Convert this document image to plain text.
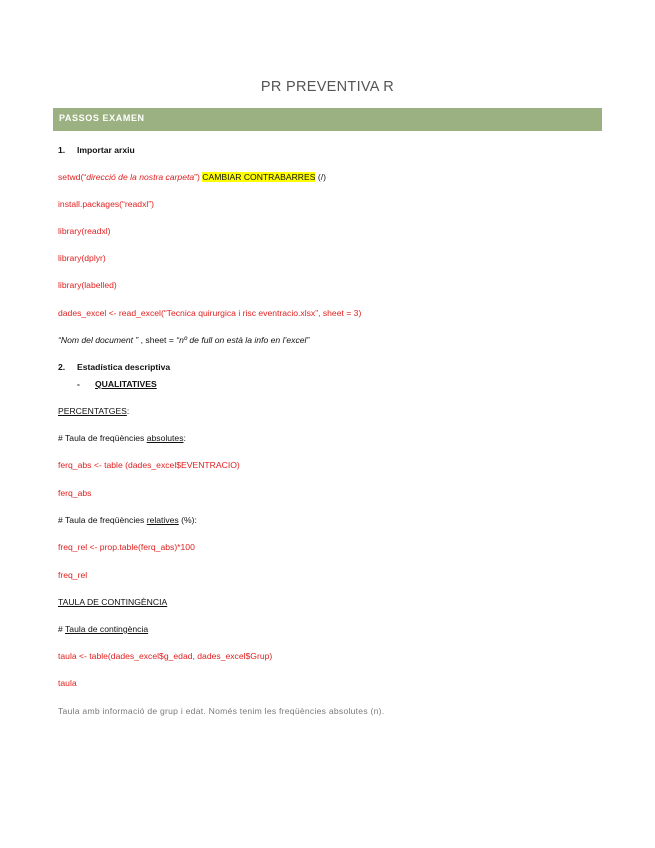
PR PREVENTIVA R
PASSOS EXAMEN
1. Importar arxiu
setwd(“direcció de la nostra carpeta”) CAMBIAR CONTRABARRES (/)
install.packages(“readxl”)
library(readxl)
library(dplyr)
library(labelled)
dades_excel <- read_excel(“Tecnica quirurgica i risc eventracio.xlsx”, sheet = 3)
“Nom del document ” , sheet = “nº de full on està la info en l’excel”
2. Estadística descriptiva
- QUALITATIVES
PERCENTATGES:
# Taula de freqüències absolutes:
ferq_abs <- table (dades_excel$EVENTRACIO)
ferq_abs
# Taula de freqüències relatives (%):
freq_rel <- prop.table(ferq_abs)*100
freq_rel
TAULA DE CONTINGÈNCIA
# Taula de contingència
taula <- table(dades_excel$g_edad, dades_excel$Grup)
taula
Taula amb informació de grup i edat. Només tenim les freqüències absolutes (n).
